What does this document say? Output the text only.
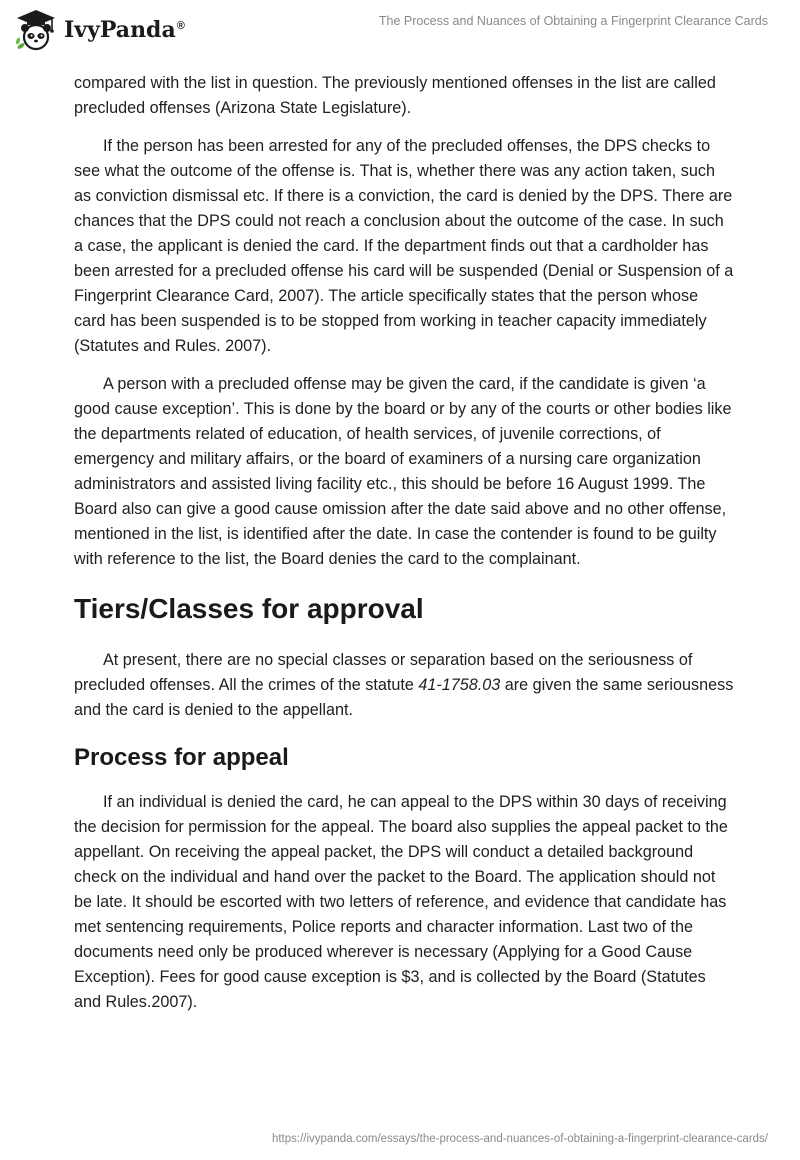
IvyPanda®	The Process and Nuances of Obtaining a Fingerprint Clearance Cards

compared with the list in question. The previously mentioned offenses in the list are called precluded offenses (Arizona State Legislature).

If the person has been arrested for any of the precluded offenses, the DPS checks to see what the outcome of the offense is. That is, whether there was any action taken, such as conviction dismissal etc. If there is a conviction, the card is denied by the DPS. There are chances that the DPS could not reach a conclusion about the outcome of the case. In such a case, the applicant is denied the card. If the department finds out that a cardholder has been arrested for a precluded offense his card will be suspended (Denial or Suspension of a Fingerprint Clearance Card, 2007). The article specifically states that the person whose card has been suspended is to be stopped from working in teacher capacity immediately (Statutes and Rules. 2007).

A person with a precluded offense may be given the card, if the candidate is given ‘a good cause exception’. This is done by the board or by any of the courts or other bodies like the departments related of education, of health services, of juvenile corrections, of emergency and military affairs, or the board of examiners of a nursing care organization administrators and assisted living facility etc., this should be before 16 August 1999. The Board also can give a good cause omission after the date said above and no other offense, mentioned in the list, is identified after the date. In case the contender is found to be guilty with reference to the list, the Board denies the card to the complainant.

Tiers/Classes for approval

At present, there are no special classes or separation based on the seriousness of precluded offenses. All the crimes of the statute 41-1758.03 are given the same seriousness and the card is denied to the appellant.

Process for appeal

If an individual is denied the card, he can appeal to the DPS within 30 days of receiving the decision for permission for the appeal. The board also supplies the appeal packet to the appellant. On receiving the appeal packet, the DPS will conduct a detailed background check on the individual and hand over the packet to the Board. The application should not be late. It should be escorted with two letters of reference, and evidence that candidate has met sentencing requirements, Police reports and character information. Last two of the documents need only be produced wherever is necessary (Applying for a Good Cause Exception). Fees for good cause exception is $3, and is collected by the Board (Statutes and Rules.2007).

https://ivypanda.com/essays/the-process-and-nuances-of-obtaining-a-fingerprint-clearance-cards/
